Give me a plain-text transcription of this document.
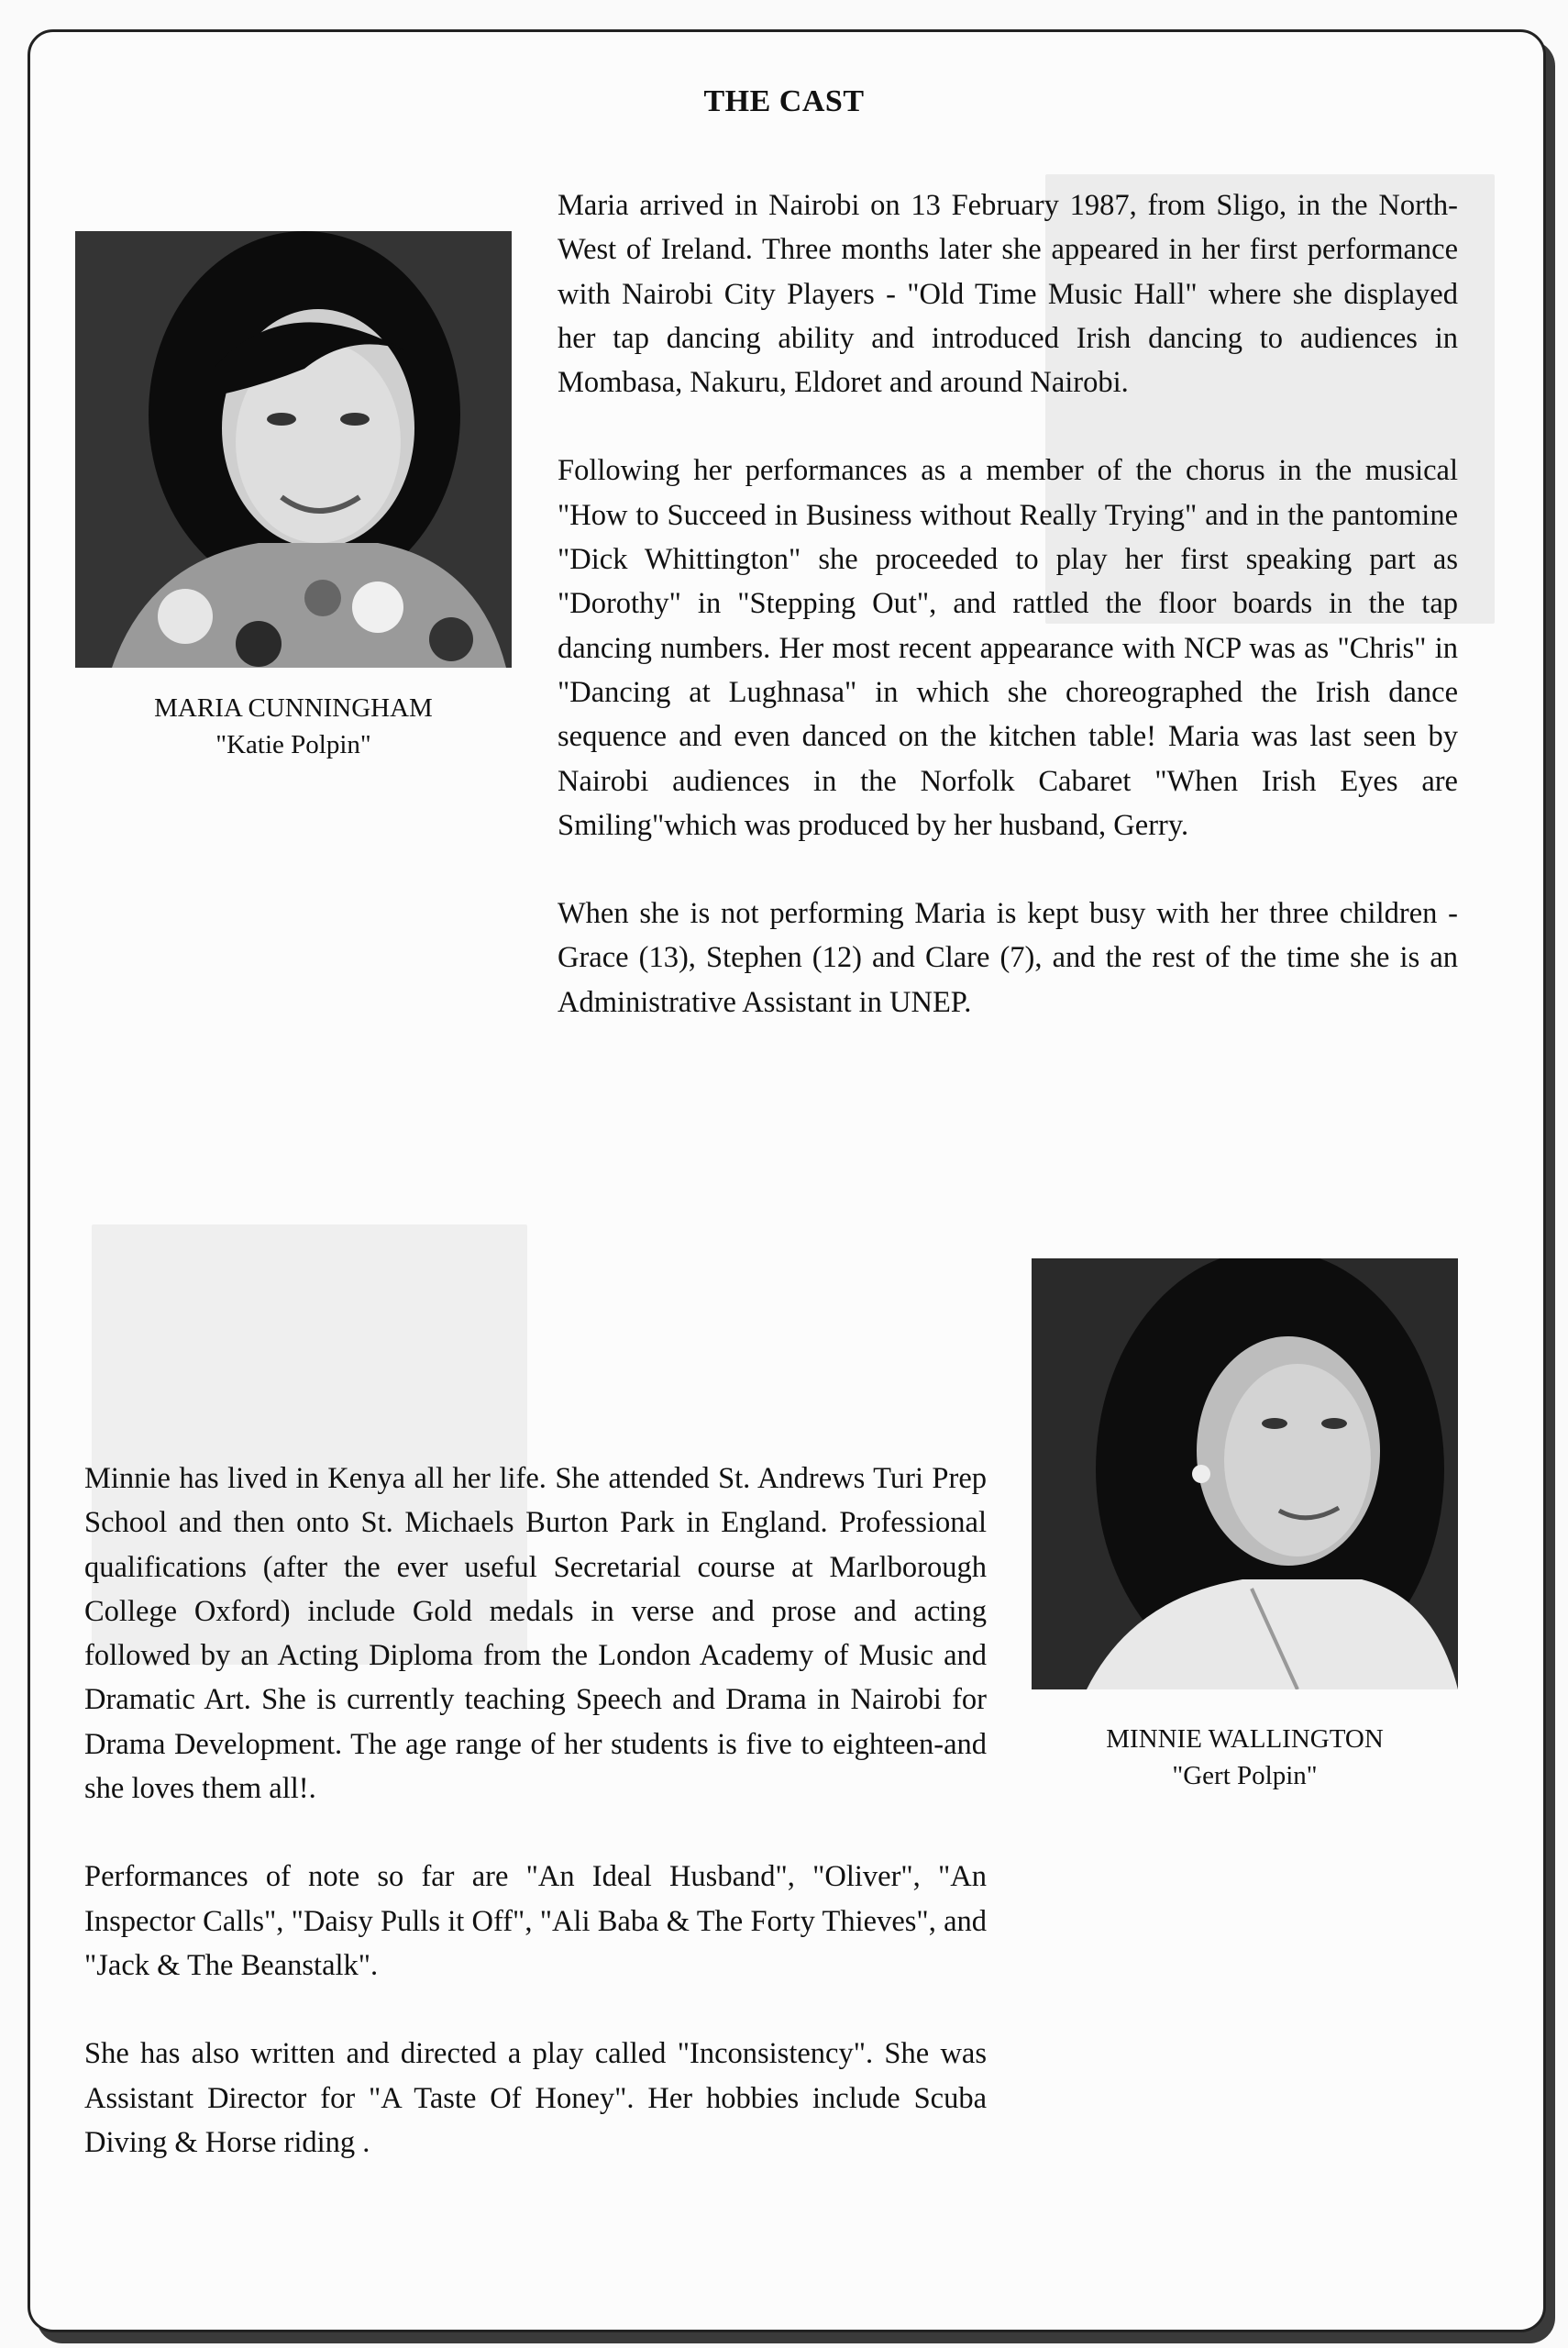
THE CAST
MARIA CUNNINGHAM
"Katie Polpin"

Maria arrived in Nairobi on 13 February 1987, from Sligo, in the North-West of Ireland. Three months later she appeared in her first performance with Nairobi City Players - "Old Time Music Hall" where she displayed her tap dancing ability and introduced Irish dancing to audiences in Mombasa, Nakuru, Eldoret and around Nairobi.

Following her performances as a member of the chorus in the musical "How to Succeed in Business without Really Trying" and in the pantomine "Dick Whittington" she proceeded to play her first speaking part as "Dorothy" in "Stepping Out", and rattled the floor boards in the tap dancing numbers. Her most recent appearance with NCP was as "Chris" in "Dancing at Lughnasa" in which she choreographed the Irish dance sequence and even danced on the kitchen table! Maria was last seen by Nairobi audiences in the Norfolk Cabaret "When Irish Eyes are Smiling"which was produced by her husband, Gerry.

When she is not performing Maria is kept busy with her three children - Grace (13), Stephen (12) and Clare (7), and the rest of the time she is an Administrative Assistant in UNEP.

MINNIE WALLINGTON
"Gert Polpin"

Minnie has lived in Kenya all her life. She attended St. Andrews Turi Prep School and then onto St. Michaels Burton Park in England. Professional qualifications (after the ever useful Secretarial course at Marlborough College Oxford) include Gold medals in verse and prose and acting followed by an Acting Diploma from the London Academy of Music and Dramatic Art. She is currently teaching Speech and Drama in Nairobi for Drama Development. The age range of her students is five to eighteen-and she loves them all!.

Performances of note so far are "An Ideal Husband", "Oliver", "An Inspector Calls", "Daisy Pulls it Off", "Ali Baba & The Forty Thieves", and "Jack & The Beanstalk".

She has also written and directed a play called "Inconsistency". She was Assistant Director for "A Taste Of Honey". Her hobbies include Scuba Diving & Horse riding .
